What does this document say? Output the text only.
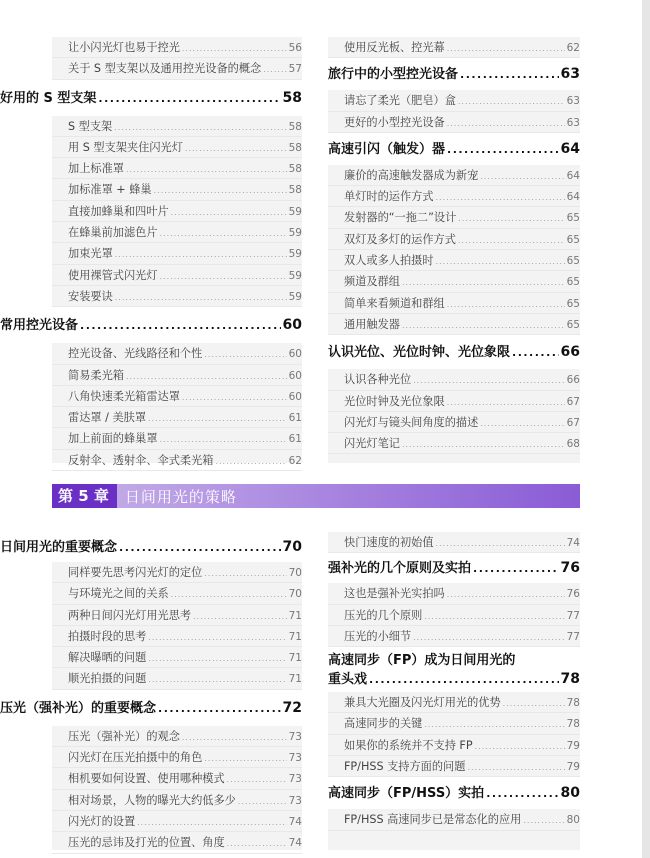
让小闪光灯也易于控光 .....	56
关于 S 型支架以及通用控光设备的概念 .....	57
好用的 S 型支架 .....	58
S 型支架 .....	58
用 S 型支架夹住闪光灯 .....	58
加上标准罩 .....	58
加标准罩 + 蜂巢 .....	58
直接加蜂巢和四叶片 .....	59
在蜂巢前加滤色片 .....	59
加束光罩 .....	59
使用裸管式闪光灯 .....	59
安装要诀 .....	59
常用控光设备 .....	60
控光设备、光线路径和个性 .....	60
简易柔光箱 .....	60
八角快速柔光箱雷达罩 .....	60
雷达罩 / 美肤罩 .....	61
加上前面的蜂巢罩 .....	61
反射伞、透射伞、伞式柔光箱 .....	62
使用反光板、控光幕 .....	62
旅行中的小型控光设备 .....	63
请忘了柔光（肥皂）盒 .....	63
更好的小型控光设备 .....	63
高速引闪（触发）器 .....	64
廉价的高速触发器成为新宠 .....	64
单灯时的运作方式 .....	64
发射器的“一拖二”设计 .....	65
双灯及多灯的运作方式 .....	65
双人或多人拍摄时 .....	65
频道及群组 .....	65
简单来看频道和群组 .....	65
通用触发器 .....	65
认识光位、光位时钟、光位象限 .....	66
认识各种光位 .....	66
光位时钟及光位象限 .....	67
闪光灯与镜头间角度的描述 .....	67
闪光灯笔记 .....	68
第 5 章	日间用光的策略
日间用光的重要概念 .....	70
同样要先思考闪光灯的定位 .....	70
与环境光之间的关系 .....	70
两种日间闪光灯用光思考 .....	71
拍摄时段的思考 .....	71
解决曝晒的问题 .....	71
顺光拍摄的问题 .....	71
压光（强补光）的重要概念 .....	72
压光（强补光）的观念 .....	73
闪光灯在压光拍摄中的角色 .....	73
相机要如何设置、使用哪种模式 .....	73
相对场景，人物的曝光大约低多少 .....	73
闪光灯的设置 .....	74
压光的忌讳及打光的位置、角度 .....	74
快门速度的初始值 .....	74
强补光的几个原则及实拍 .....	76
这也是强补光实拍吗 .....	76
压光的几个原则 .....	77
压光的小细节 .....	77
高速同步（FP）成为日间用光的
重头戏 .....	78
兼具大光圈及闪光灯用光的优势 .....	78
高速同步的关键 .....	78
如果你的系统并不支持 FP .....	79
FP/HSS 支持方面的问题 .....	79
高速同步（FP/HSS）实拍 .....	80
FP/HSS 高速同步已是常态化的应用 .....	80
